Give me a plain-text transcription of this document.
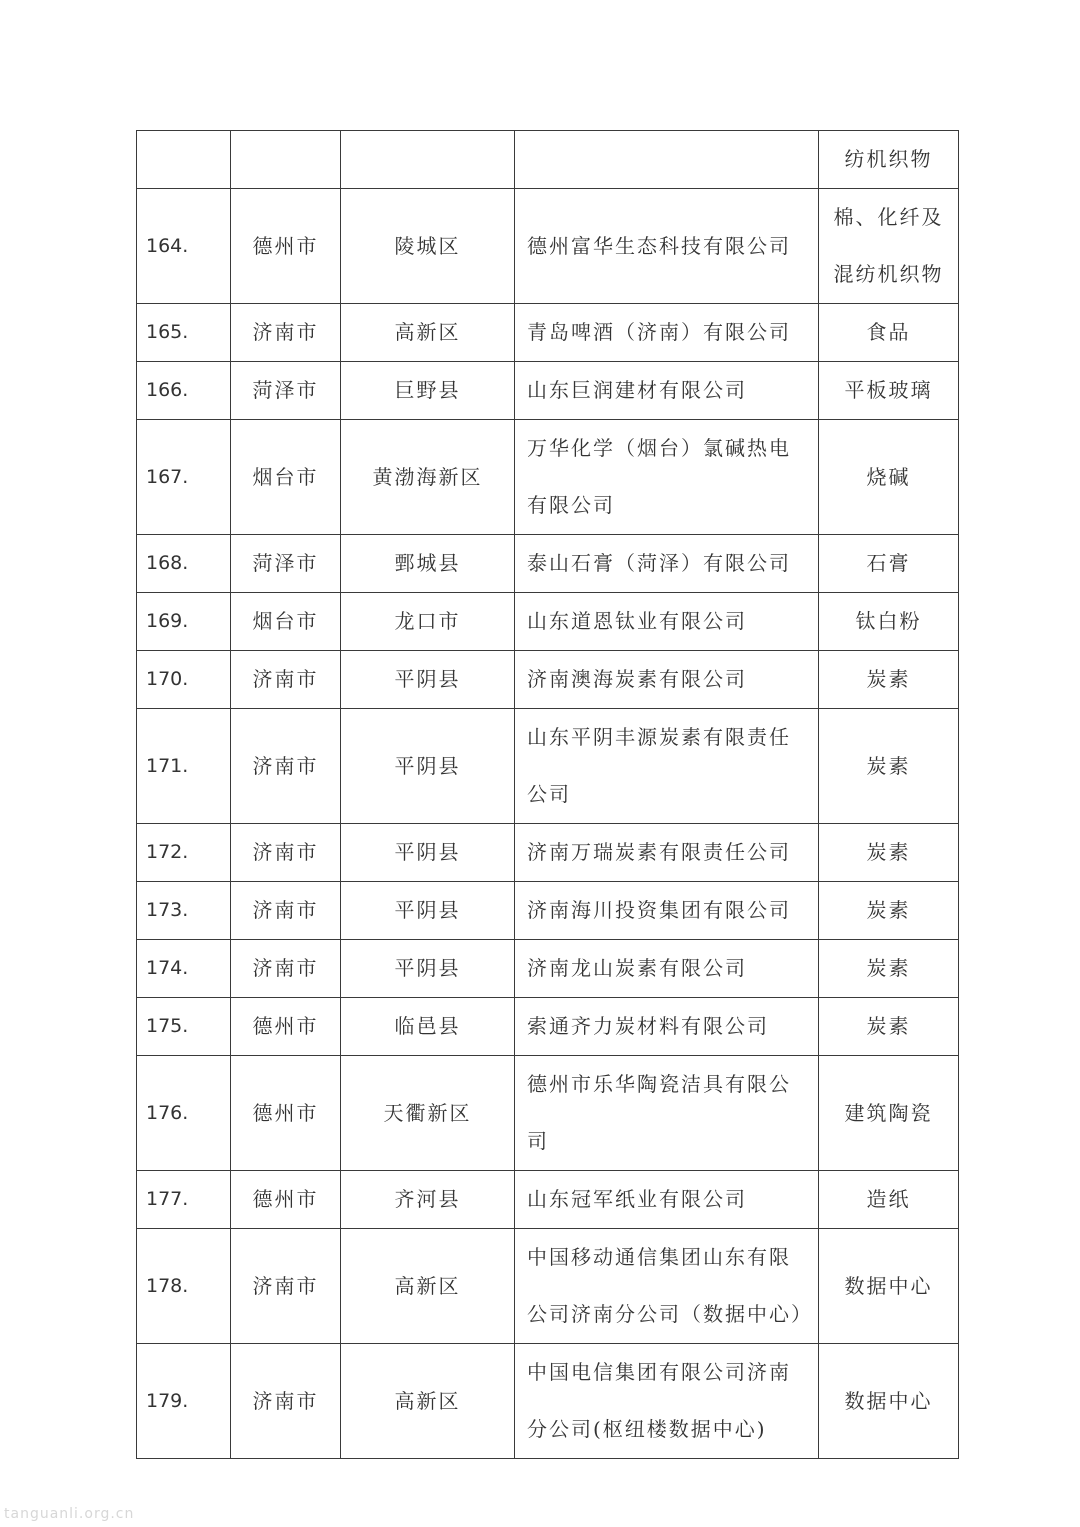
				纺机织物
164.	德州市	陵城区	德州富华生态科技有限公司	棉、化纤及混纺机织物
165.	济南市	高新区	青岛啤酒（济南）有限公司	食品
166.	菏泽市	巨野县	山东巨润建材有限公司	平板玻璃
167.	烟台市	黄渤海新区	万华化学（烟台）氯碱热电有限公司	烧碱
168.	菏泽市	鄄城县	泰山石膏（菏泽）有限公司	石膏
169.	烟台市	龙口市	山东道恩钛业有限公司	钛白粉
170.	济南市	平阴县	济南澳海炭素有限公司	炭素
171.	济南市	平阴县	山东平阴丰源炭素有限责任公司	炭素
172.	济南市	平阴县	济南万瑞炭素有限责任公司	炭素
173.	济南市	平阴县	济南海川投资集团有限公司	炭素
174.	济南市	平阴县	济南龙山炭素有限公司	炭素
175.	德州市	临邑县	索通齐力炭材料有限公司	炭素
176.	德州市	天衢新区	德州市乐华陶瓷洁具有限公司	建筑陶瓷
177.	德州市	齐河县	山东冠军纸业有限公司	造纸
178.	济南市	高新区	中国移动通信集团山东有限公司济南分公司（数据中心）	数据中心
179.	济南市	高新区	中国电信集团有限公司济南分公司(枢纽楼数据中心)	数据中心
tanguanli.org.cn
